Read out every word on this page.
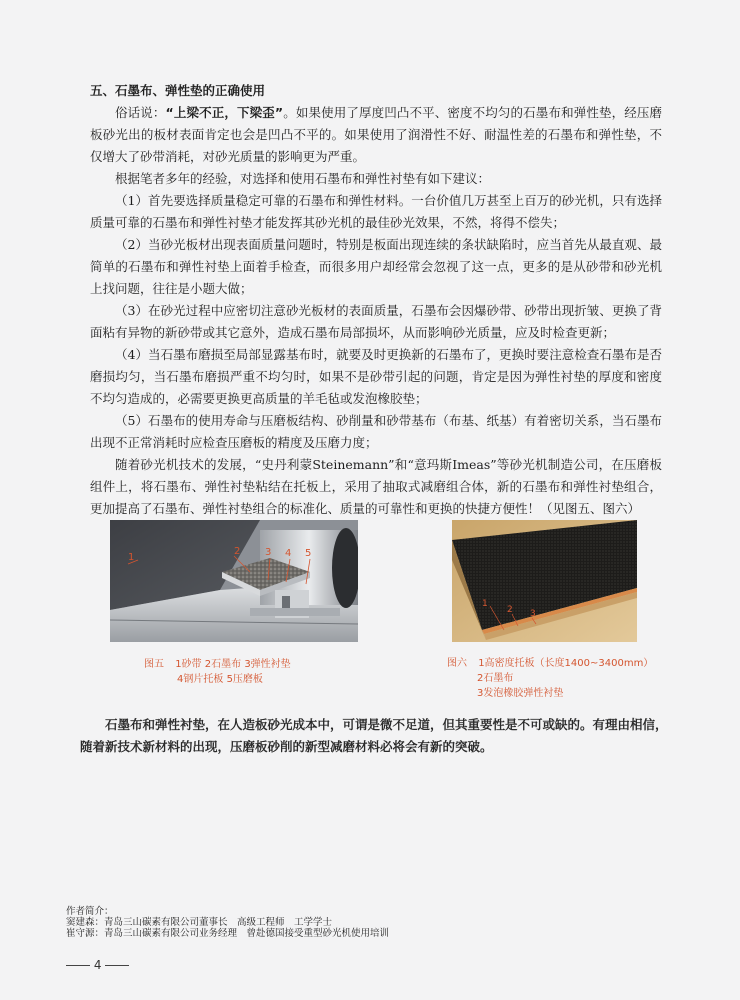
五、石墨布、弹性垫的正确使用

俗话说：“上梁不正，下梁歪”。如果使用了厚度凹凸不平、密度不均匀的石墨布和弹性垫，经压磨板砂光出的板材表面肯定也会是凹凸不平的。如果使用了润滑性不好、耐温性差的石墨布和弹性垫，不仅增大了砂带消耗，对砂光质量的影响更为严重。

根据笔者多年的经验，对选择和使用石墨布和弹性衬垫有如下建议：

（1）首先要选择质量稳定可靠的石墨布和弹性材料。一台价值几万甚至上百万的砂光机，只有选择质量可靠的石墨布和弹性衬垫才能发挥其砂光机的最佳砂光效果，不然，将得不偿失；

（2）当砂光板材出现表面质量问题时，特别是板面出现连续的条状缺陷时，应当首先从最直观、最简单的石墨布和弹性衬垫上面着手检查，而很多用户却经常会忽视了这一点，更多的是从砂带和砂光机上找问题，往往是小题大做；

（3）在砂光过程中应密切注意砂光板材的表面质量，石墨布会因爆砂带、砂带出现折皱、更换了背面粘有异物的新砂带或其它意外，造成石墨布局部损坏，从而影响砂光质量，应及时检查更新；

（4）当石墨布磨损至局部显露基布时，就要及时更换新的石墨布了，更换时要注意检查石墨布是否磨损均匀，当石墨布磨损严重不均匀时，如果不是砂带引起的问题，肯定是因为弹性衬垫的厚度和密度不均匀造成的，必需要更换更高质量的羊毛毡或发泡橡胶垫；

（5）石墨布的使用寿命与压磨板结构、砂削量和砂带基布（布基、纸基）有着密切关系，当石墨布出现不正常消耗时应检查压磨板的精度及压磨力度；

随着砂光机技术的发展，“史丹利蒙Steinemann”和“意玛斯Imeas”等砂光机制造公司，在压磨板组件上，将石墨布、弹性衬垫粘结在托板上，采用了抽取式减磨组合体，新的石墨布和弹性衬垫组合，更加提高了石墨布、弹性衬垫组合的标准化、质量的可靠性和更换的快捷方便性！（见图五、图六）

1
2 3 4 5
1
2 3
图五 1砂带 2石墨布 3弹性衬垫
4钢片托板 5压磨板
图六 1高密度托板（长度1400~3400mm）
2石墨布
3发泡橡胶弹性衬垫

石墨布和弹性衬垫，在人造板砂光成本中，可谓是微不足道，但其重要性是不可或缺的。有理由相信，随着新技术新材料的出现，压磨板砂削的新型减磨材料必将会有新的突破。

作者简介：
窦建森：青岛三山碳素有限公司董事长　高级工程师　工学学士
崔守源：青岛三山碳素有限公司业务经理　曾赴德国接受重型砂光机使用培训
4
